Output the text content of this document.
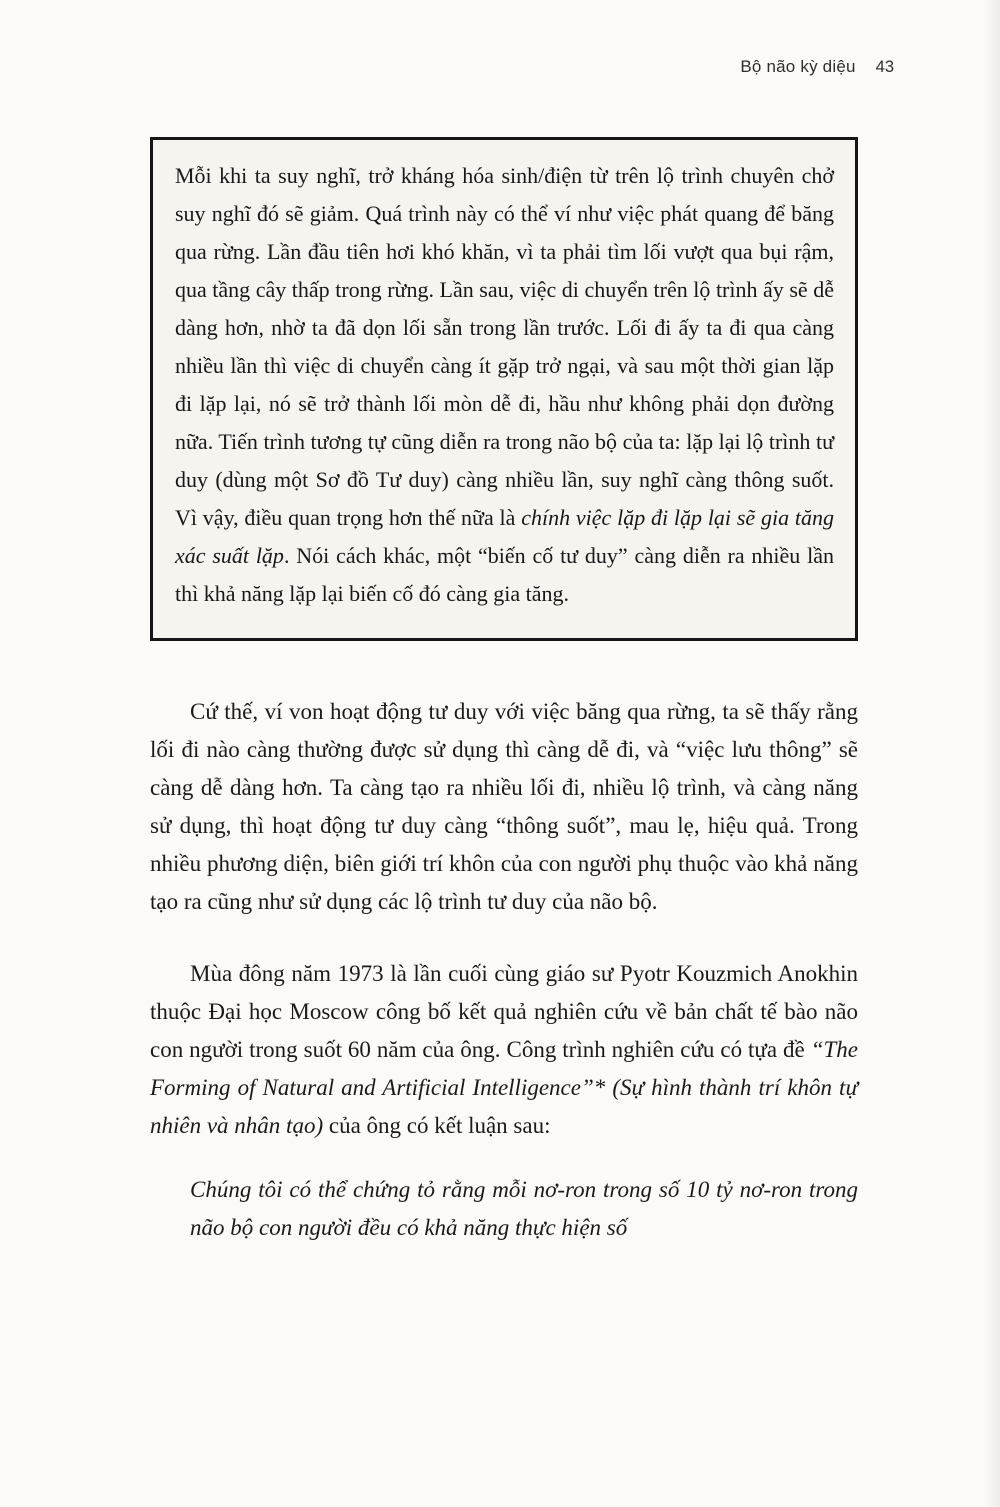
Bộ não kỳ diệu 43

Mỗi khi ta suy nghĩ, trở kháng hóa sinh/điện từ trên lộ trình chuyên chở suy nghĩ đó sẽ giảm. Quá trình này có thể ví như việc phát quang để băng qua rừng. Lần đầu tiên hơi khó khăn, vì ta phải tìm lối vượt qua bụi rậm, qua tầng cây thấp trong rừng. Lần sau, việc di chuyển trên lộ trình ấy sẽ dễ dàng hơn, nhờ ta đã dọn lối sẵn trong lần trước. Lối đi ấy ta đi qua càng nhiều lần thì việc di chuyển càng ít gặp trở ngại, và sau một thời gian lặp đi lặp lại, nó sẽ trở thành lối mòn dễ đi, hầu như không phải dọn đường nữa. Tiến trình tương tự cũng diễn ra trong não bộ của ta: lặp lại lộ trình tư duy (dùng một Sơ đồ Tư duy) càng nhiều lần, suy nghĩ càng thông suốt. Vì vậy, điều quan trọng hơn thế nữa là chính việc lặp đi lặp lại sẽ gia tăng xác suất lặp. Nói cách khác, một “biến cố tư duy” càng diễn ra nhiều lần thì khả năng lặp lại biến cố đó càng gia tăng.

Cứ thế, ví von hoạt động tư duy với việc băng qua rừng, ta sẽ thấy rằng lối đi nào càng thường được sử dụng thì càng dễ đi, và “việc lưu thông” sẽ càng dễ dàng hơn. Ta càng tạo ra nhiều lối đi, nhiều lộ trình, và càng năng sử dụng, thì hoạt động tư duy càng “thông suốt”, mau lẹ, hiệu quả. Trong nhiều phương diện, biên giới trí khôn của con người phụ thuộc vào khả năng tạo ra cũng như sử dụng các lộ trình tư duy của não bộ.

Mùa đông năm 1973 là lần cuối cùng giáo sư Pyotr Kouzmich Anokhin thuộc Đại học Moscow công bố kết quả nghiên cứu về bản chất tế bào não con người trong suốt 60 năm của ông. Công trình nghiên cứu có tựa đề “The Forming of Natural and Artificial Intelligence”* (Sự hình thành trí khôn tự nhiên và nhân tạo) của ông có kết luận sau:

Chúng tôi có thể chứng tỏ rằng mỗi nơ-ron trong số 10 tỷ nơ-ron trong não bộ con người đều có khả năng thực hiện số
